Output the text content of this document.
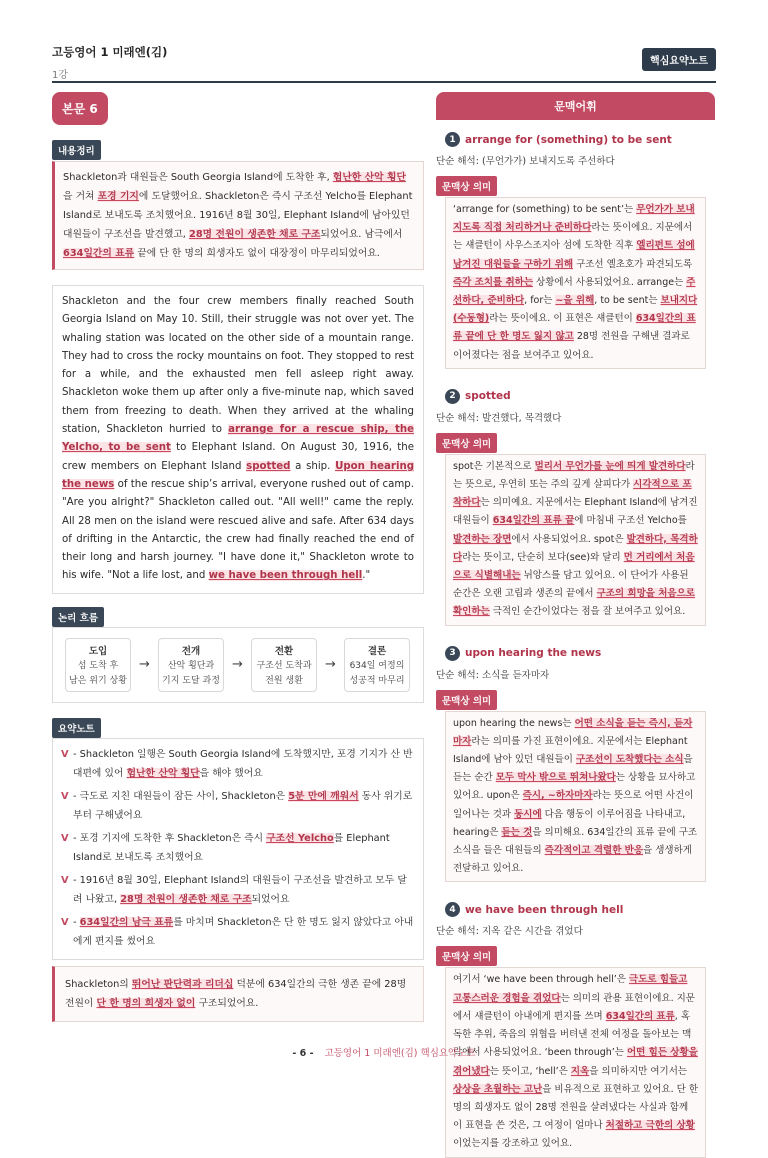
고등영어 1 미래엔(김)
1강
핵심요약노트
본문 6
내용정리
Shackleton과 대원들은 South Georgia Island에 도착한 후, 험난한 산악 횡단을 거쳐 포경 기지에 도달했어요. Shackleton은 즉시 구조선 Yelcho를 Elephant Island로 보내도록 조치했어요. 1916년 8월 30일, Elephant Island에 남아있던 대원들이 구조선을 발견했고, 28명 전원이 생존한 채로 구조되었어요. 남극에서 634일간의 표류 끝에 단 한 명의 희생자도 없이 대장정이 마무리되었어요.
Shackleton and the four crew members finally reached South Georgia Island on May 10. Still, their struggle was not over yet. The whaling station was located on the other side of a mountain range. They had to cross the rocky mountains on foot. They stopped to rest for a while, and the exhausted men fell asleep right away. Shackleton woke them up after only a five-minute nap, which saved them from freezing to death. When they arrived at the whaling station, Shackleton hurried to arrange for a rescue ship, the Yelcho, to be sent to Elephant Island. On August 30, 1916, the crew members on Elephant Island spotted a ship. Upon hearing the news of the rescue ship’s arrival, everyone rushed out of camp. "Are you alright?" Shackleton called out. "All well!" came the reply. All 28 men on the island were rescued alive and safe. After 634 days of drifting in the Antarctic, the crew had finally reached the end of their long and harsh journey. "I have done it," Shackleton wrote to his wife. "Not a life lost, and we have been through hell."
논리 흐름
도입
섬 도착 후
남은 위기 상황
→
전개
산악 횡단과
기지 도달 과정
→
전환
구조선 도착과
전원 생환
→
결론
634일 여정의
성공적 마무리
요약노트
V - Shackleton 일행은 South Georgia Island에 도착했지만, 포경 기지가 산 반대편에 있어 험난한 산악 횡단을 해야 했어요
V - 극도로 지친 대원들이 잠든 사이, Shackleton은 5분 만에 깨워서 동사 위기로부터 구해냈어요
V - 포경 기지에 도착한 후 Shackleton은 즉시 구조선 Yelcho를 Elephant Island로 보내도록 조치했어요
V - 1916년 8월 30일, Elephant Island의 대원들이 구조선을 발견하고 모두 달려 나왔고, 28명 전원이 생존한 채로 구조되었어요
V - 634일간의 남극 표류를 마치며 Shackleton은 단 한 명도 잃지 않았다고 아내에게 편지를 썼어요
Shackleton의 뛰어난 판단력과 리더십 덕분에 634일간의 극한 생존 끝에 28명 전원이 단 한 명의 희생자 없이 구조되었어요.
문맥어휘
1 arrange for (something) to be sent
단순 해석: (무언가가) 보내지도록 주선하다
문맥상 의미
‘arrange for (something) to be sent’는 무언가가 보내지도록 직접 처리하거나 준비하다라는 뜻이에요. 지문에서는 섀클턴이 사우스조지아 섬에 도착한 직후 엘리펀트 섬에 남겨진 대원들을 구하기 위해 구조선 옐초호가 파견되도록 즉각 조치를 취하는 상황에서 사용되었어요. arrange는 주선하다, 준비하다, for는 ~을 위해, to be sent는 보내지다(수동형)라는 뜻이에요. 이 표현은 섀클턴이 634일간의 표류 끝에 단 한 명도 잃지 않고 28명 전원을 구해낸 결과로 이어졌다는 점을 보여주고 있어요.
2 spotted
단순 해석: 발견했다, 목격했다
문맥상 의미
spot은 기본적으로 멀리서 무언가를 눈에 띄게 발견하다라는 뜻으로, 우연히 또는 주의 깊게 살피다가 시각적으로 포착하다는 의미예요. 지문에서는 Elephant Island에 남겨진 대원들이 634일간의 표류 끝에 마침내 구조선 Yelcho를 발견하는 장면에서 사용되었어요. spot은 발견하다, 목격하다라는 뜻이고, 단순히 보다(see)와 달리 먼 거리에서 처음으로 식별해내는 뉘앙스를 담고 있어요. 이 단어가 사용된 순간은 오랜 고립과 생존의 끝에서 구조의 희망을 처음으로 확인하는 극적인 순간이었다는 점을 잘 보여주고 있어요.
3 upon hearing the news
단순 해석: 소식을 듣자마자
문맥상 의미
upon hearing the news는 어떤 소식을 듣는 즉시, 듣자마자라는 의미를 가진 표현이에요. 지문에서는 Elephant Island에 남아 있던 대원들이 구조선이 도착했다는 소식을 듣는 순간 모두 막사 밖으로 뛰쳐나왔다는 상황을 묘사하고 있어요. upon은 즉시, ~하자마자라는 뜻으로 어떤 사건이 일어나는 것과 동시에 다음 행동이 이루어짐을 나타내고, hearing은 듣는 것을 의미해요. 634일간의 표류 끝에 구조 소식을 들은 대원들의 즉각적이고 격렬한 반응을 생생하게 전달하고 있어요.
4 we have been through hell
단순 해석: 지옥 같은 시간을 겪었다
문맥상 의미
여기서 ‘we have been through hell’은 극도로 힘들고 고통스러운 경험을 겪었다는 의미의 관용 표현이에요. 지문에서 섀클턴이 아내에게 편지를 쓰며 634일간의 표류, 혹독한 추위, 죽음의 위협을 버텨낸 전체 여정을 돌아보는 맥락에서 사용되었어요. ‘been through’는 어떤 힘든 상황을 겪어냈다는 뜻이고, ‘hell’은 지옥을 의미하지만 여기서는 상상을 초월하는 고난을 비유적으로 표현하고 있어요. 단 한 명의 희생자도 없이 28명 전원을 살려냈다는 사실과 함께 이 표현을 쓴 것은, 그 여정이 얼마나 처절하고 극한의 상황이었는지를 강조하고 있어요.
- 6 - 고등영어 1 미래엔(김) 핵심요약노트
